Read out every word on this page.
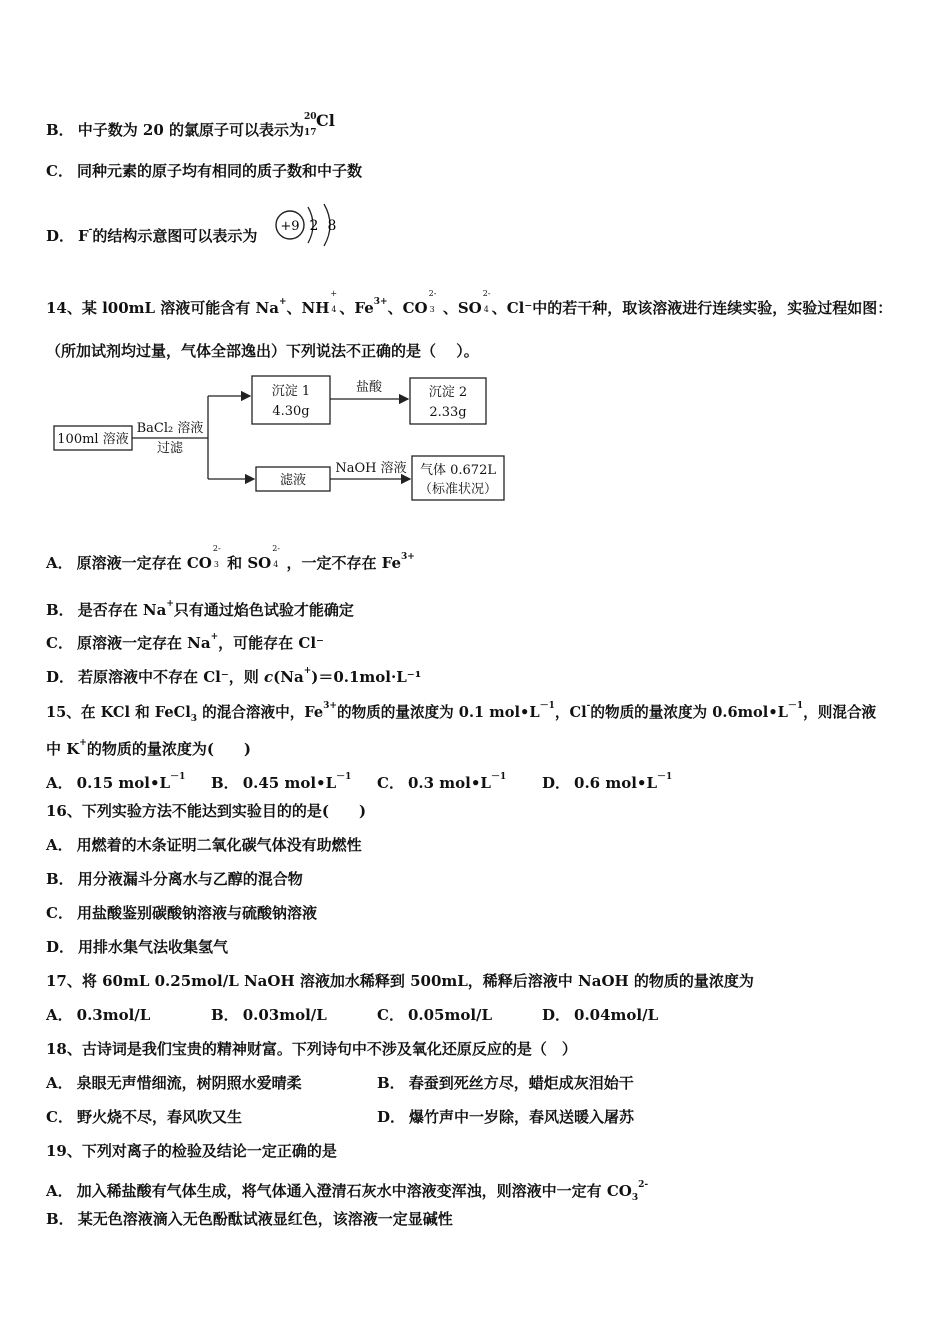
B． 中子数为 20 的氯原子可以表示为
20
17
Cl
C． 同种元素的原子均有相同的质子数和中子数
D． F-的结构示意图可以表示为
+9 2 8
14、某 l00mL 溶液可能含有 Na+、NH
+
4 、$Fe^{3+}$、CO
2-
3 、SO
2-
4 、Cl⁻中的若干种，取该溶液进行连续实验，实验过程如图：
（所加试剂均过量，气体全部逸出）下列说法不正确的是（　 ）。
100ml 溶液
BaCl₂ 溶液
过滤
沉淀 1
4.30g
盐酸	沉淀 2
2.33g
滤液
NaOH 溶液 气体 0.672L
（标准状况）
A． 原溶液一定存在 CO
2-
3 和 SO
2-
4 ，一定不存在 $Fe^{3+}$
B． 是否存在 Na+只有通过焰色试验才能确定
C． 原溶液一定存在 Na+，可能存在 Cl⁻
D． 若原溶液中不存在 Cl⁻，则 c(Na+)＝0.1mol·L⁻¹
15、在 KCl 和 FeCl$_3$ 的混合溶液中，$Fe^{3+}$的物质的量浓度为 0.1 $mol•L^{-1}$，Cl-的物质的量浓度为 $0.6mol•L^{-1}$，则混合液
中 K+的物质的量浓度为(　　)
A． 0.15 $mol•L^{-1}$ B． 0.45 $mol•L^{-1}$ C． 0.3 $mol•L^{-1}$ D． 0.6 $mol•L^{-1}$
16、下列实验方法不能达到实验目的的是(　　)
A． 用燃着的木条证明二氧化碳气体没有助燃性
B． 用分液漏斗分离水与乙醇的混合物
C． 用盐酸鉴别碳酸钠溶液与硫酸钠溶液
D． 用排水集气法收集氢气
17、将 60mL 0.25mol/L NaOH 溶液加水稀释到 500mL，稀释后溶液中 NaOH 的物质的量浓度为
A． 0.3mol/L	B． 0.03mol/L	C． 0.05mol/L	D． 0.04mol/L
18、古诗词是我们宝贵的精神财富。下列诗句中不涉及氧化还原反应的是（　）
A． 泉眼无声惜细流，树阴照水爱晴柔	B． 春蚕到死丝方尽，蜡炬成灰泪始干
C． 野火烧不尽，春风吹又生	D． 爆竹声中一岁除，春风送暖入屠苏
19、下列对离子的检验及结论一定正确的是
A． 加入稀盐酸有气体生成，将气体通入澄清石灰水中溶液变浑浊，则溶液中一定有 $CO_3^{2-}$
B． 某无色溶液滴入无色酚酞试液显红色，该溶液一定显碱性
